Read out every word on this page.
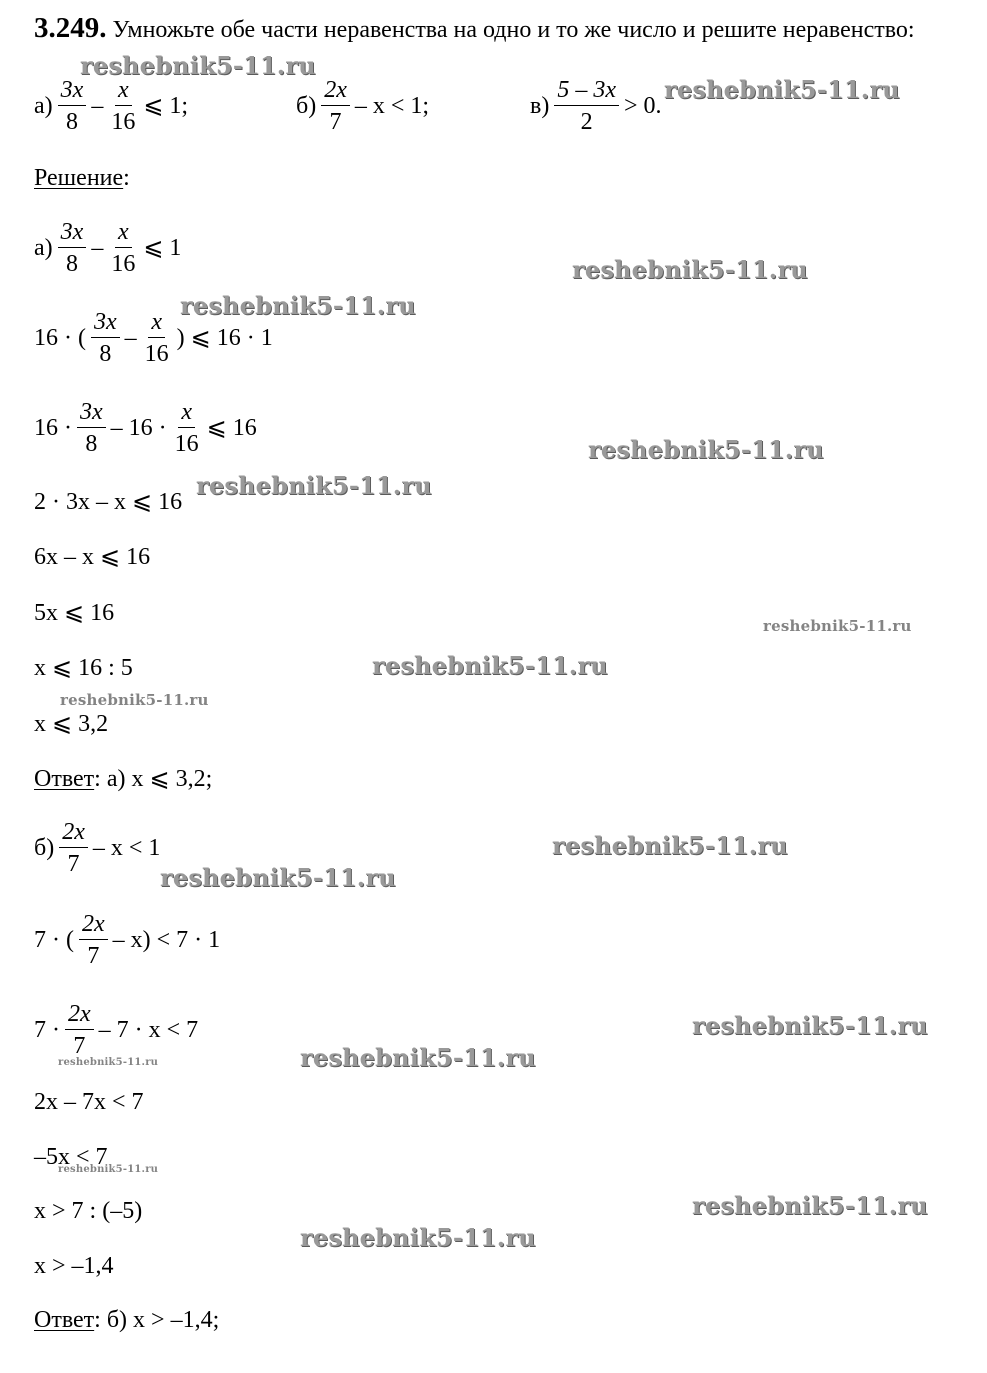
3.249. Умножьте обе части неравенства на одно и то же число и решите неравенство:
$а) \frac{3x}{8} - \frac{x}{16}$ ⩽ 1;	$б) \frac{2x}{7} - x < 1$;	$в) \frac{5 - 3x}{2} > 0$.
Решение:
$а) \frac{3x}{8} - \frac{x}{16}$ ⩽ 1
16 · ( $\frac{3x}{8} - \frac{x}{16}$ ) ⩽ 16 · 1
$16 \cdot \frac{3x}{8} - 16 \cdot \frac{x}{16}$ ⩽ 16
2 · 3x – x ⩽ 16
6x – x ⩽ 16
5x ⩽ 16
x ⩽ 16 : 5
x ⩽ 3,2
Ответ: а) x ⩽ 3,2;
$б) \frac{2x}{7} - x < 1$
7 · ( $\frac{2x}{7} - x) < 7 \cdot 1$
$7 \cdot \frac{2x}{7} - 7 \cdot x < 7$
2x – 7x < 7
–5x < 7
x > 7 : (–5)
x > –1,4
Ответ: б) x > –1,4;
reshebnik5-11.ru
reshebnik5-11.ru
reshebnik5-11.ru
reshebnik5-11.ru
reshebnik5-11.ru
reshebnik5-11.ru
reshebnik5-11.ru
reshebnik5-11.ru
reshebnik5-11.ru
reshebnik5-11.ru
reshebnik5-11.ru
reshebnik5-11.ru
reshebnik5-11.ru
reshebnik5-11.ru
reshebnik5-11.ru
reshebnik5-11.ru
reshebnik5-11.ru
